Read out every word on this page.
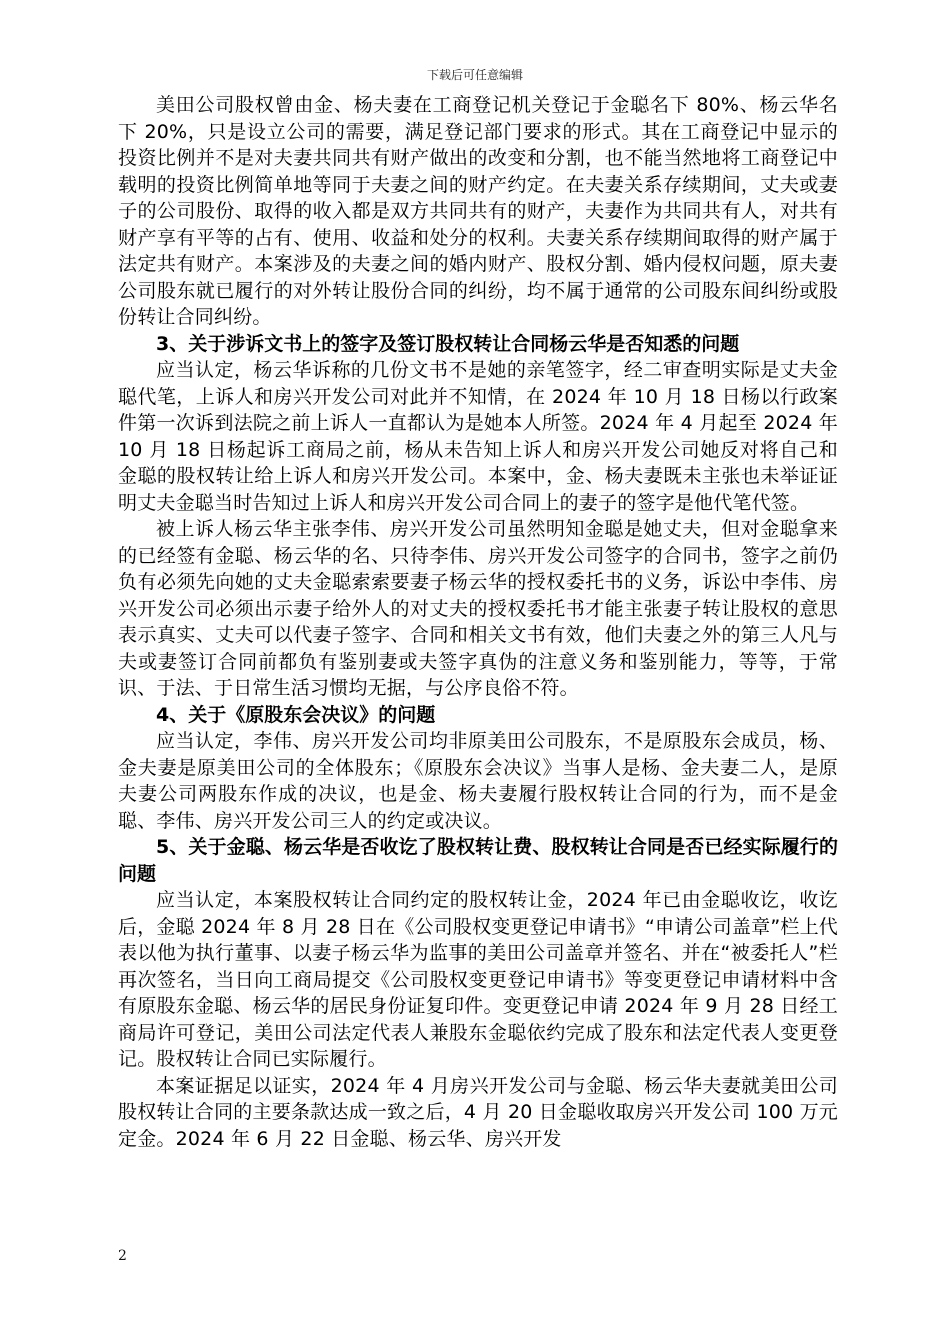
下载后可任意编辑

美田公司股权曾由金、杨夫妻在工商登记机关登记于金聪名下 80%、杨云华名下 20%，只是设立公司的需要，满足登记部门要求的形式。其在工商登记中显示的投资比例并不是对夫妻共同共有财产做出的改变和分割，也不能当然地将工商登记中载明的投资比例简单地等同于夫妻之间的财产约定。在夫妻关系存续期间，丈夫或妻子的公司股份、取得的收入都是双方共同共有的财产，夫妻作为共同共有人，对共有财产享有平等的占有、使用、收益和处分的权利。夫妻关系存续期间取得的财产属于法定共有财产。本案涉及的夫妻之间的婚内财产、股权分割、婚内侵权问题，原夫妻公司股东就已履行的对外转让股份合同的纠纷，均不属于通常的公司股东间纠纷或股份转让合同纠纷。

3、关于涉诉文书上的签字及签订股权转让合同杨云华是否知悉的问题

应当认定，杨云华诉称的几份文书不是她的亲笔签字，经二审查明实际是丈夫金聪代笔，上诉人和房兴开发公司对此并不知情，在 2024 年 10 月 18 日杨以行政案件第一次诉到法院之前上诉人一直都认为是她本人所签。2024 年 4 月起至 2024 年 10 月 18 日杨起诉工商局之前，杨从未告知上诉人和房兴开发公司她反对将自己和金聪的股权转让给上诉人和房兴开发公司。本案中，金、杨夫妻既未主张也未举证证明丈夫金聪当时告知过上诉人和房兴开发公司合同上的妻子的签字是他代笔代签。

被上诉人杨云华主张李伟、房兴开发公司虽然明知金聪是她丈夫，但对金聪拿来的已经签有金聪、杨云华的名、只待李伟、房兴开发公司签字的合同书，签字之前仍负有必须先向她的丈夫金聪索索要妻子杨云华的授权委托书的义务，诉讼中李伟、房兴开发公司必须出示妻子给外人的对丈夫的授权委托书才能主张妻子转让股权的意思表示真实、丈夫可以代妻子签字、合同和相关文书有效，他们夫妻之外的第三人凡与夫或妻签订合同前都负有鉴别妻或夫签字真伪的注意义务和鉴别能力，等等，于常识、于法、于日常生活习惯均无据，与公序良俗不符。

4、关于《原股东会决议》的问题

应当认定，李伟、房兴开发公司均非原美田公司股东，不是原股东会成员，杨、金夫妻是原美田公司的全体股东；《原股东会决议》当事人是杨、金夫妻二人，是原夫妻公司两股东作成的决议，也是金、杨夫妻履行股权转让合同的行为，而不是金聪、李伟、房兴开发公司三人的约定或决议。

5、关于金聪、杨云华是否收讫了股权转让费、股权转让合同是否已经实际履行的问题

应当认定，本案股权转让合同约定的股权转让金，2024 年已由金聪收讫，收讫后，金聪 2024 年 8 月 28 日在《公司股权变更登记申请书》“申请公司盖章”栏上代表以他为执行董事、以妻子杨云华为监事的美田公司盖章并签名、并在“被委托人”栏再次签名，当日向工商局提交《公司股权变更登记申请书》等变更登记申请材料中含有原股东金聪、杨云华的居民身份证复印件。变更登记申请 2024 年 9 月 28 日经工商局许可登记，美田公司法定代表人兼股东金聪依约完成了股东和法定代表人变更登记。股权转让合同已实际履行。

本案证据足以证实，2024 年 4 月房兴开发公司与金聪、杨云华夫妻就美田公司股权转让合同的主要条款达成一致之后，4 月 20 日金聪收取房兴开发公司 100 万元定金。2024 年 6 月 22 日金聪、杨云华、房兴开发

2
